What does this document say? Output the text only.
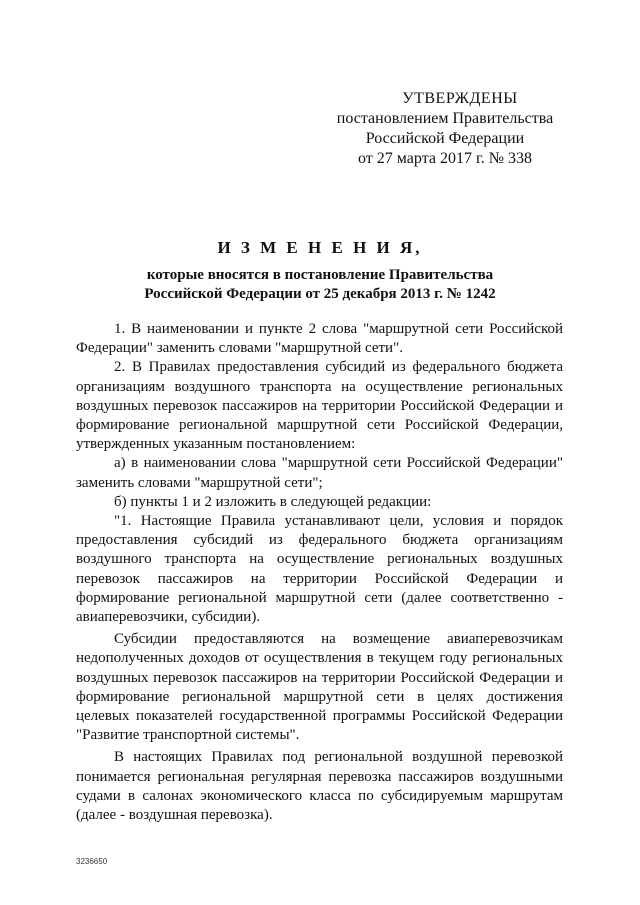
УТВЕРЖДЕНЫ
постановлением Правительства
Российской Федерации
от 27 марта 2017 г. № 338
И З М Е Н Е Н И Я,
которые вносятся в постановление Правительства
Российской Федерации от 25 декабря 2013 г. № 1242

1. В наименовании и пункте 2 слова "маршрутной сети Российской Федерации" заменить словами "маршрутной сети".

2. В Правилах предоставления субсидий из федерального бюджета организациям воздушного транспорта на осуществление региональных воздушных перевозок пассажиров на территории Российской Федерации и формирование региональной маршрутной сети Российской Федерации, утвержденных указанным постановлением:

а) в наименовании слова "маршрутной сети Российской Федерации" заменить словами "маршрутной сети";

б) пункты 1 и 2 изложить в следующей редакции:

"1. Настоящие Правила устанавливают цели, условия и порядок предоставления субсидий из федерального бюджета организациям воздушного транспорта на осуществление региональных воздушных перевозок пассажиров на территории Российской Федерации и формирование региональной маршрутной сети (далее соответственно - авиаперевозчики, субсидии).

Субсидии предоставляются на возмещение авиаперевозчикам недополученных доходов от осуществления в текущем году региональных воздушных перевозок пассажиров на территории Российской Федерации и формирование региональной маршрутной сети в целях достижения целевых показателей государственной программы Российской Федерации "Развитие транспортной системы".

В настоящих Правилах под региональной воздушной перевозкой понимается региональная регулярная перевозка пассажиров воздушными судами в салонах экономического класса по субсидируемым маршрутам (далее - воздушная перевозка).

3236650
